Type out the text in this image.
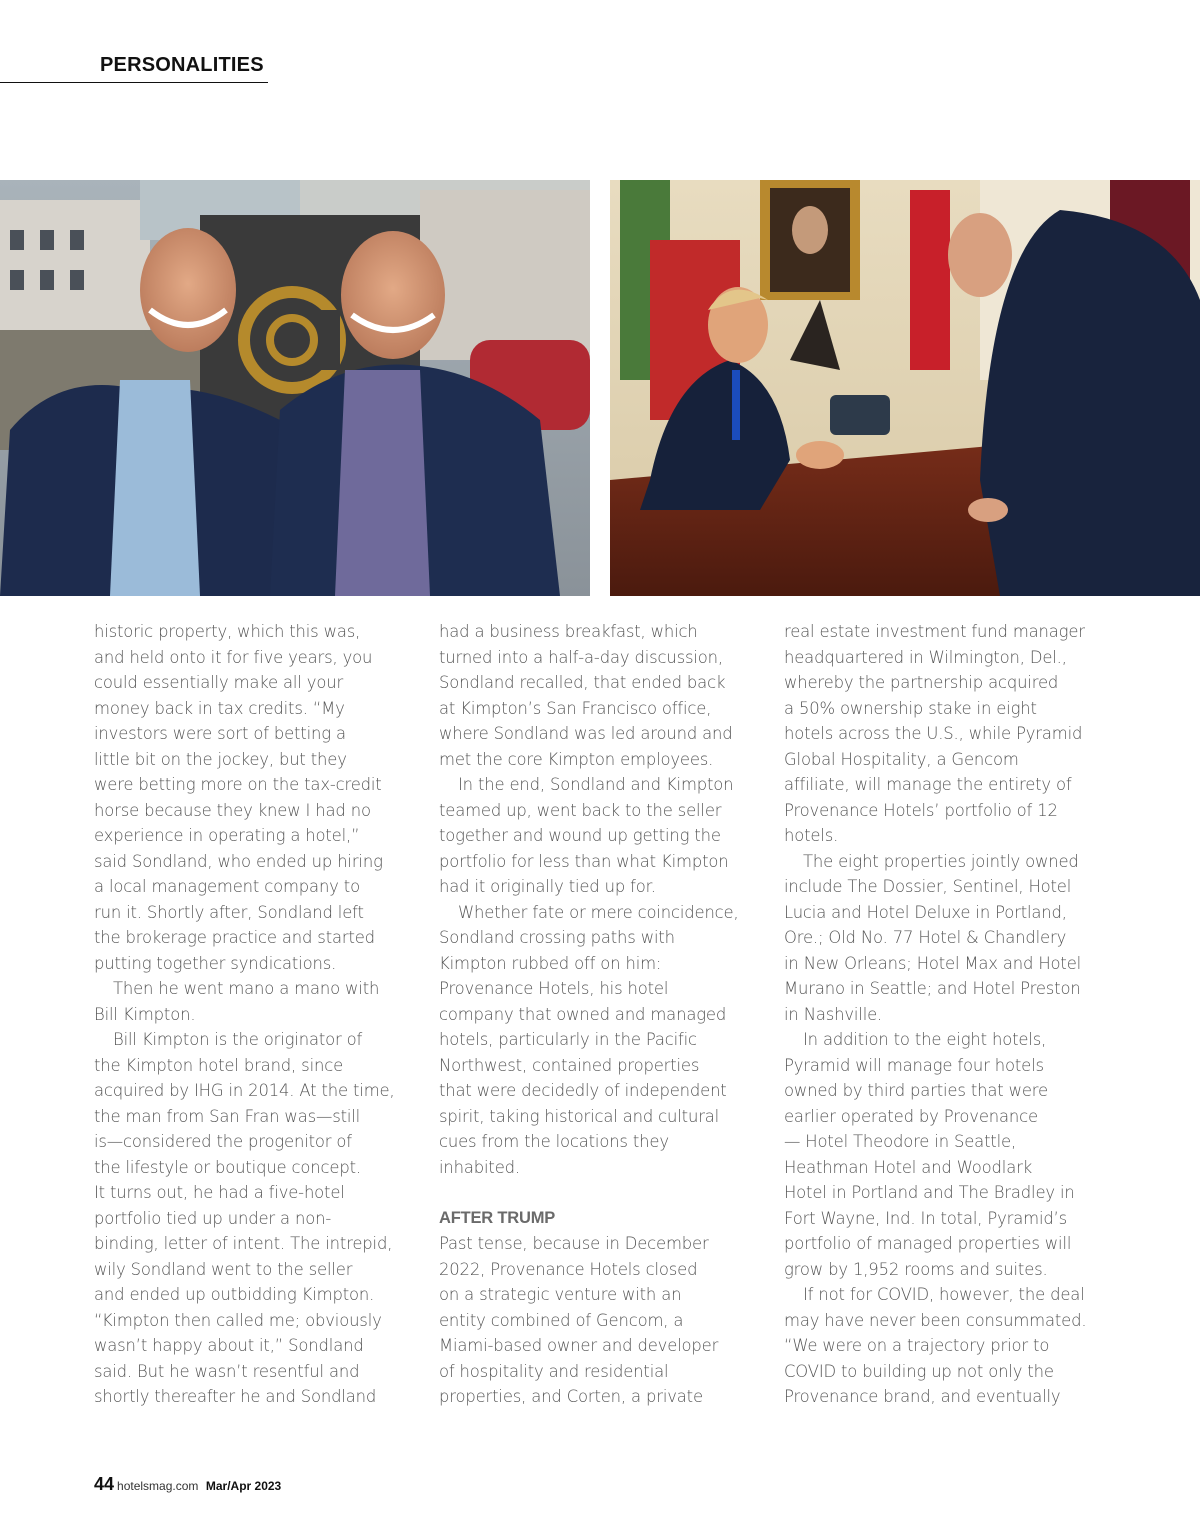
PERSONALITIES
historic property, which this was,
and held onto it for five years, you
could essentially make all your
money back in tax credits. “My
investors were sort of betting a
little bit on the jockey, but they
were betting more on the tax-credit
horse because they knew I had no
experience in operating a hotel,”
said Sondland, who ended up hiring
a local management company to
run it. Shortly after, Sondland left
the brokerage practice and started
putting together syndications.
Then he went mano a mano with
Bill Kimpton.
Bill Kimpton is the originator of
the Kimpton hotel brand, since
acquired by IHG in 2014. At the time,
the man from San Fran was—still
is—considered the progenitor of
the lifestyle or boutique concept.
It turns out, he had a five-hotel
portfolio tied up under a non-
binding, letter of intent. The intrepid,
wily Sondland went to the seller
and ended up outbidding Kimpton.
“Kimpton then called me; obviously
wasn’t happy about it,” Sondland
said. But he wasn’t resentful and
shortly thereafter he and Sondland
had a business breakfast, which
turned into a half-a-day discussion,
Sondland recalled, that ended back
at Kimpton’s San Francisco office,
where Sondland was led around and
met the core Kimpton employees.
In the end, Sondland and Kimpton
teamed up, went back to the seller
together and wound up getting the
portfolio for less than what Kimpton
had it originally tied up for.
Whether fate or mere coincidence,
Sondland crossing paths with
Kimpton rubbed off on him:
Provenance Hotels, his hotel
company that owned and managed
hotels, particularly in the Pacific
Northwest, contained properties
that were decidedly of independent
spirit, taking historical and cultural
cues from the locations they
inhabited.
AFTER TRUMP
Past tense, because in December
2022, Provenance Hotels closed
on a strategic venture with an
entity combined of Gencom, a
Miami-based owner and developer
of hospitality and residential
properties, and Corten, a private
real estate investment fund manager
headquartered in Wilmington, Del.,
whereby the partnership acquired
a 50% ownership stake in eight
hotels across the U.S., while Pyramid
Global Hospitality, a Gencom
affiliate, will manage the entirety of
Provenance Hotels’ portfolio of 12
hotels.
The eight properties jointly owned
include The Dossier, Sentinel, Hotel
Lucia and Hotel Deluxe in Portland,
Ore.; Old No. 77 Hotel & Chandlery
in New Orleans; Hotel Max and Hotel
Murano in Seattle; and Hotel Preston
in Nashville.
In addition to the eight hotels,
Pyramid will manage four hotels
owned by third parties that were
earlier operated by Provenance
— Hotel Theodore in Seattle,
Heathman Hotel and Woodlark
Hotel in Portland and The Bradley in
Fort Wayne, Ind. In total, Pyramid’s
portfolio of managed properties will
grow by 1,952 rooms and suites.
If not for COVID, however, the deal
may have never been consummated.
“We were on a trajectory prior to
COVID to building up not only the
Provenance brand, and eventually
44 hotelsmag.com Mar/Apr 2023
